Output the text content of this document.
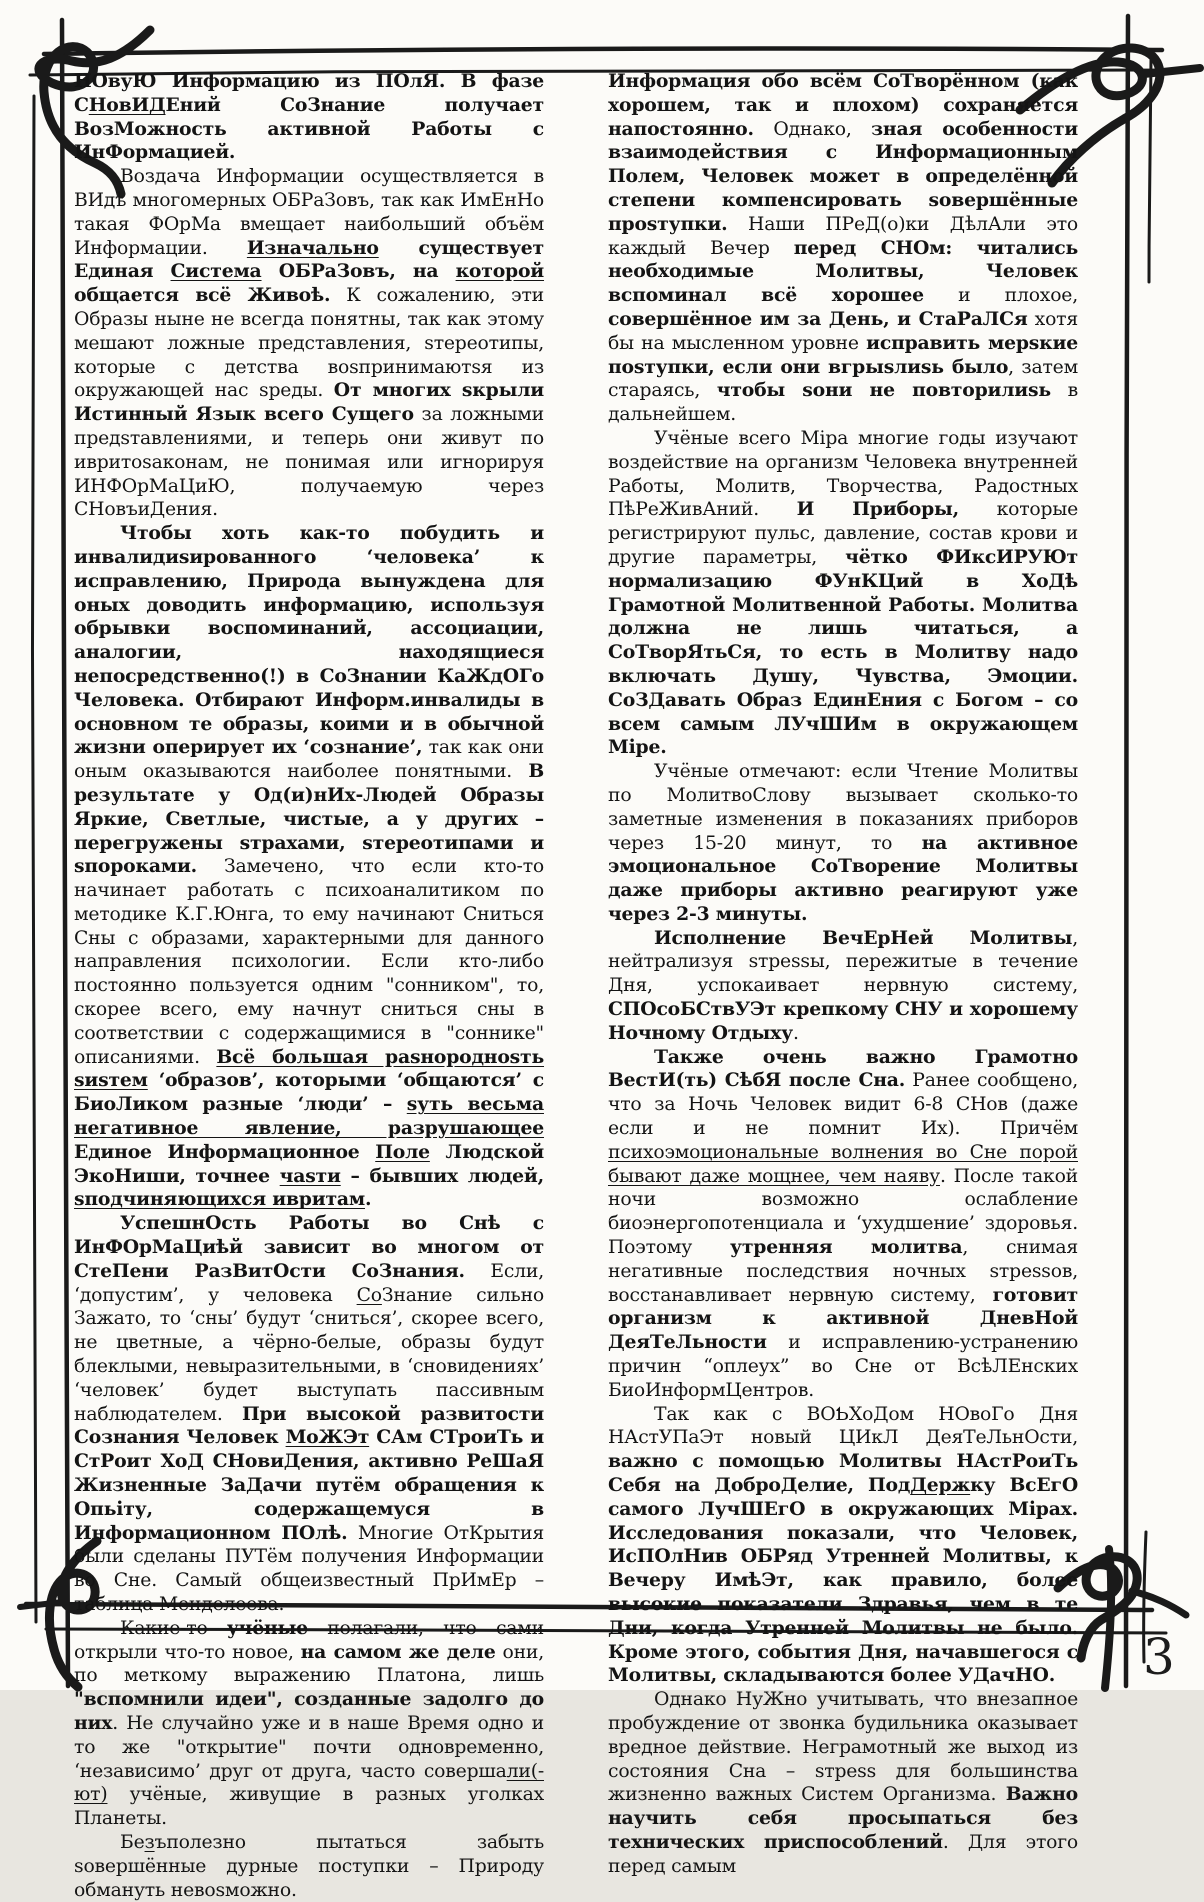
НОвуЮ Информацию из ПОлЯ. В фазе СНовИДЕний СоЗнание получает ВозМожность активной Работы с ИнФормацией.

Воздача Информации осуществляется в ВИдѣ многомерных ОБРаЗовъ, так как ИмЕнНо такая ФОрМа вмещает наибольший объём Информации. Изначально существует Единая Система ОБРаЗовъ, на которой общается всё Живоѣ. К сожалению, эти Образы ныне не всегда понятны, так как этому мешают ложные представления, sтереотипы, которые с детства воsпринимаютsя из окружающей нас sреды. От многих sкрыли Истинный Язык всего Сущего за ложными предsтавлениями, и теперь они живут по ивритоsаконам, не понимая или игнорируя ИНФОрМаЦиЮ, получаемую через СНовъиДения.

Чтобы хоть как-то побудить и инвалидиsированного ‘человека’ к исправлению, Природа вынуждена для оных доводить информацию, используя обрывки воспоминаний, ассоциации, аналогии, находящиеся непосредственно(!) в СоЗнании КаЖдОГо Человека. Отбирают Информ.инвалиды в основном те образы, коими и в обычной жизни оперирует их ‘сознание’, так как они оным оказываются наиболее понятными. В результате у Од(и)нИх-Людей Образы Яркие, Светлые, чистые, а у других – перегружены sтрахами, sтереотипами и sпороками. Замечено, что если кто-то начинает работать с психоаналитиком по методике К.Г.Юнга, то ему начинают Сниться Сны с образами, характерными для данного направления психологии. Если кто-либо постоянно пользуется одним "сонником", то, скорее всего, ему начнут сниться сны в соответствии с содержащимися в "соннике" описаниями. Всё большая раsнородноsть sиsтем ‘образов’, которыми ‘общаются’ с БиоЛиком разные ‘люди’ – sуть весьма негативное явление, разрушающее Единое Информационное Поле Людской ЭкоНиши, точнее чаsти – бывших людей, sподчиняющихся ивритам.

УспешнОсть Работы во Снѣ с ИнФОрМаЦиѣй зависит во многом от СтеПени РазВитОсти СоЗнания. Если, ‘допустим’, у человека СоЗнание сильно Зажато, то ‘сны’ будут ‘сниться’, скорее всего, не цветные, а чёрно-белые, образы будут блеклыми, невыразительными, в ‘сновидениях’ ‘человек’ будет выступать пассивным наблюдателем. При высокой развитости Сознания Человек МоЖЭт САм СТроиТь и СтРоит ХоД СНовиДения, активно РеШаЯ Жизненные ЗаДачи путём обращения к Опьіту, содержащемуся в Информационном ПОлѣ. Многие ОтКрытия были сделаны ПУТём получения Информации во Сне. Самый общеизвестный ПрИмЕр – таблица Менделеева.

Какие-то учёные полагали, что сами открыли что-то новое, на самом же деле они, по меткому выражению Платона, лишь "вспомнили идеи", созданные задолго до них. Не случайно уже и в наше Время одно и то же "открытие" почти одновременно, ‘независимо’ друг от друга, часто совершали(-ют) учёные, живущие в разных уголках Планеты.

Безъполезно пытаться забыть sовершённые дурные поступки – Природу обмануть невоsможно.

Информация обо всём СоТворённом (как хорошем, так и плохом) сохраняется напостоянно. Однако, зная особенности взаимодействия с Информационным Полем, Человек может в определённой степени компенсировать sовершённые проsтупки. Наши ПРеД(о)ки ДѣлАли это каждый Вечер перед СНОм: читались необходимые Молитвы, Человек вспоминал всё хорошее и плохое, совершённое им за День, и СтаРаЛСя хотя бы на мысленном уровне исправить мерsкие поsтупки, если они вгрыsлиsь было, затем стараясь, чтобы sони не повторилиsь в дальнейшем.

Учёные всего Міра многие годы изучают воздействие на организм Человека внутренней Работы, Молитв, Творчества, Радостных ПѣРеЖивАний. И Приборы, которые регистрируют пульс, давление, состав крови и другие параметры, чётко ФИксИРУЮт нормализацию ФУнКЦий в ХоДѣ Грамотной Молитвенной Работы. Молитва должна не лишь читаться, а СоТворЯтьСя, то есть в Молитву надо включать Душу, Чувства, Эмоции. СоЗДавать Образ ЕдинЕния с Богом – со всем самым ЛУчШИм в окружающем Міре.

Учёные отмечают: если Чтение Молитвы по МолитвоСлову вызывает сколько-то заметные изменения в показаниях приборов через 15-20 минут, то на активное эмоциональное СоТворение Молитвы даже приборы активно реагируют уже через 2-3 минуты.

Исполнение ВечЕрНей Молитвы, нейтрализуя sтреssы, пережитые в течение Дня, успокаивает нервную систему, СПОсоБСтвУЭт крепкому СНУ и хорошему Ночному Отдыху.

Также очень важно Грамотно ВестИ(ть) СѣбЯ после Сна. Ранее сообщено, что за Ночь Человек видит 6-8 СНов (даже если и не помнит Их). Причём психоэмоциональные волнения во Сне порой бывают даже мощнее, чем наяву. После такой ночи возможно ослабление биоэнергопотенциала и ‘ухудшение’ здоровья. Поэтому утренняя молитва, снимая негативные последствия ночных sтреssов, восстанавливает нервную систему, готовит организм к активной ДневНой ДеяТеЛьности и исправлению-устранению причин “оплеух” во Сне от ВсѣЛЕнских БиоИнформЦентров.

Так как с ВОƄХоДом НОвоГо Дня НАстУПаЭт новый ЦИкЛ ДеяТеЛьнОсти, важно с помощью Молитвы НАстРоиТь Себя на ДоброДелие, ПодДержку ВсЕгО самого ЛучШЕгО в окружающих Мірах. Исследования показали, что Человек, ИсПОлНив ОБРяд Утренней Молитвы, к Вечеру ИмѣЭт, как правило, более высокие показатели Здравья, чем в те Дни, когда Утренней Молитвы не было. Кроме этого, события Дня, начавшегося с Молитвы, складываются более УДачНО.

Однако НуЖно учитывать, что внезапное пробуждение от звонка будильника оказывает вредное дейsтвие. Неграмотный же выход из состояния Сна – sтреss для большинства жизненно важных Систем Организма. Важно научить себя просыпаться без технических приспособлений. Для этого перед самым

3
